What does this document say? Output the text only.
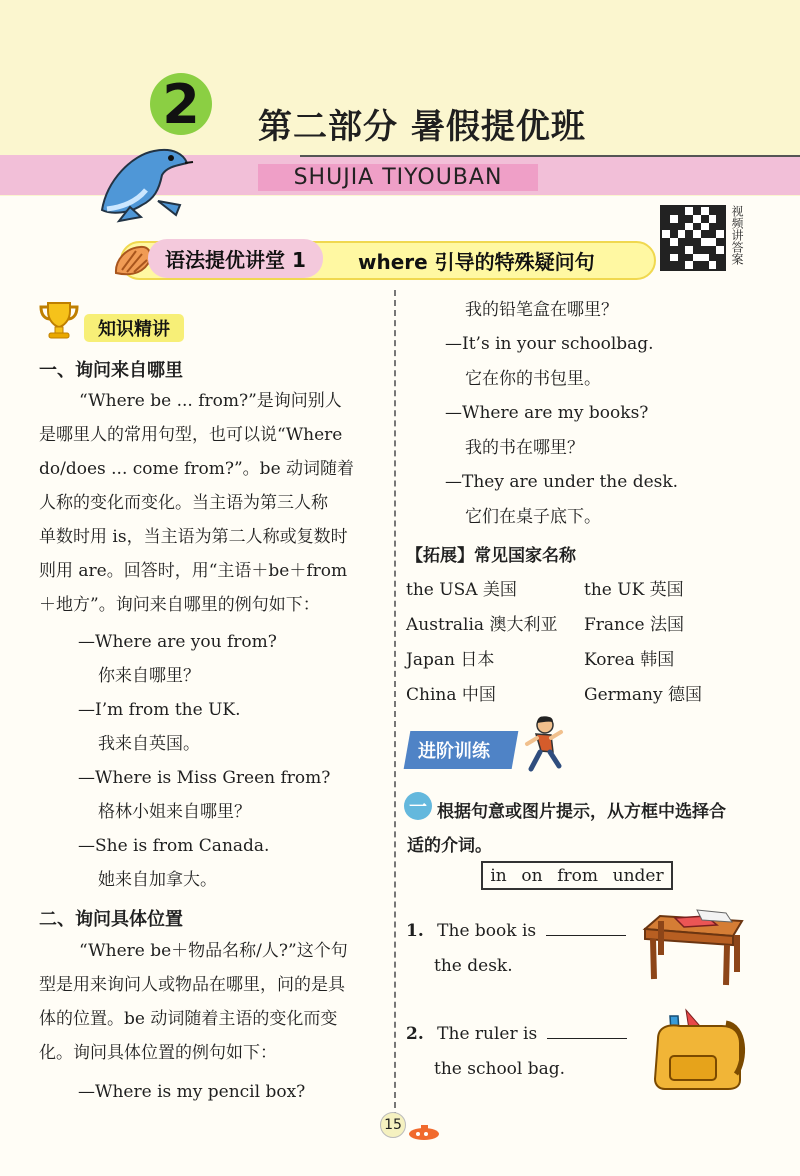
2	第二部分 暑假提优班
SHUJIA TIYOUBAN
视频讲答案
语法提优讲堂 1	where 引导的特殊疑问句
知识精讲
一、询问来自哪里
“Where be ... from?”是询问别人
是哪里人的常用句型，也可以说“Where
do/does ... come from?”。be 动词随着
人称的变化而变化。当主语为第三人称
单数时用 is，当主语为第二人称或复数时
则用 are。回答时，用“主语＋be＋from
＋地方”。询问来自哪里的例句如下：
—Where are you from?
你来自哪里？
—I’m from the UK.
我来自英国。
—Where is Miss Green from?
格林小姐来自哪里？
—She is from Canada.
她来自加拿大。
二、询问具体位置
“Where be＋物品名称/人?”这个句
型是用来询问人或物品在哪里，问的是具
体的位置。be 动词随着主语的变化而变
化。询问具体位置的例句如下：
—Where is my pencil box?
我的铅笔盒在哪里？
—It’s in your schoolbag.
它在你的书包里。
—Where are my books?
我的书在哪里？
—They are under the desk.
它们在桌子底下。
【拓展】常见国家名称
the USA 美国	the UK 英国
Australia 澳大利亚 France 法国
Japan 日本	Korea 韩国
China 中国	Germany 德国
进阶训练
一 根据句意或图片提示，从方框中选择合
适的介词。
in on from under
1. The book is
the desk.
2. The ruler is
the school bag.
15
